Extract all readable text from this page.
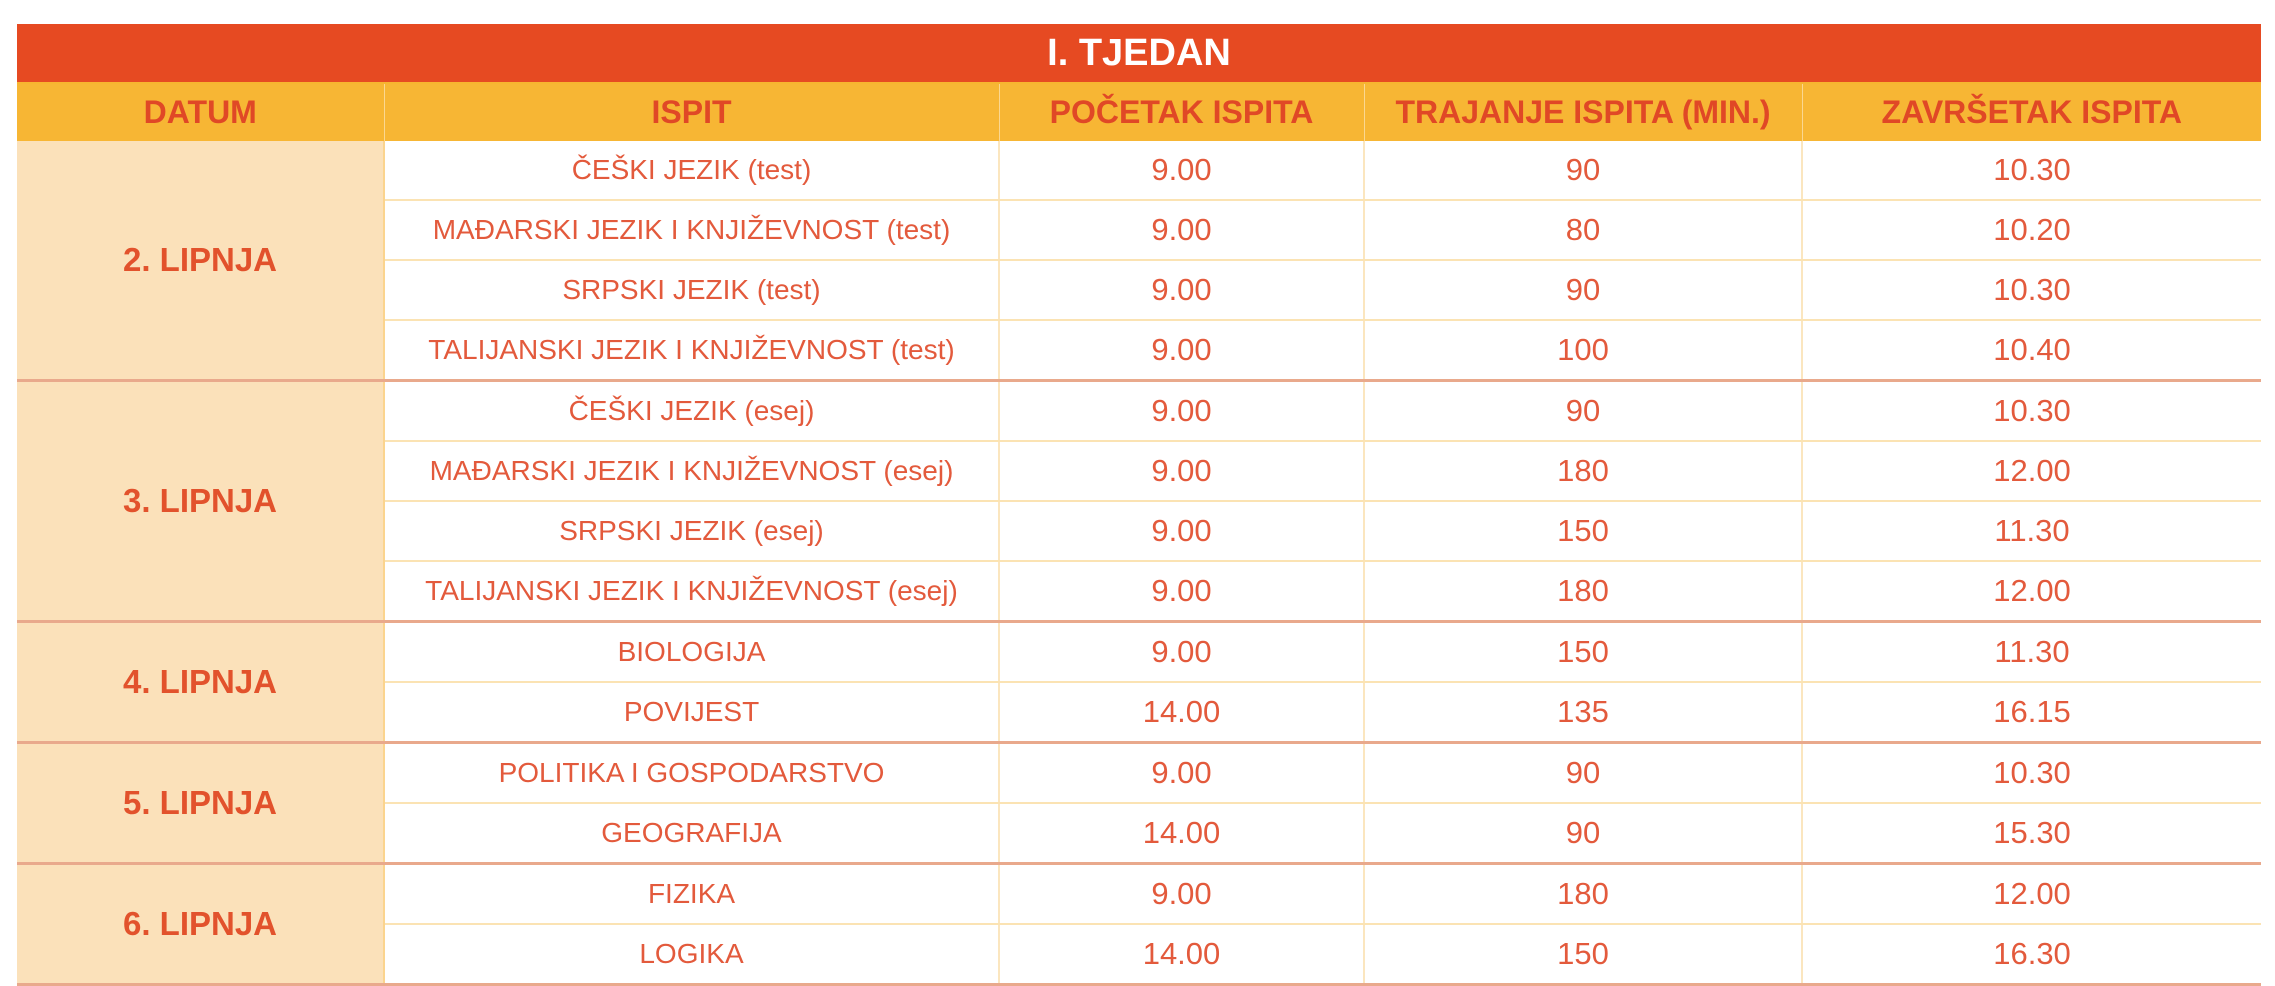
I. TJEDAN				
DATUM	ISPIT	POČETAK ISPITA	TRAJANJE ISPITA (MIN.)	ZAVRŠETAK ISPITA
2. LIPNJA	ČEŠKI JEZIK (test)	9.00	90	10.30
	MAĐARSKI JEZIK I KNJIŽEVNOST (test)	9.00	80	10.20
	SRPSKI JEZIK (test)	9.00	90	10.30
	TALIJANSKI JEZIK I KNJIŽEVNOST (test)	9.00	100	10.40
3. LIPNJA	ČEŠKI JEZIK (esej)	9.00	90	10.30
	MAĐARSKI JEZIK I KNJIŽEVNOST (esej)	9.00	180	12.00
	SRPSKI JEZIK (esej)	9.00	150	11.30
	TALIJANSKI JEZIK I KNJIŽEVNOST (esej)	9.00	180	12.00
4. LIPNJA	BIOLOGIJA	9.00	150	11.30
	POVIJEST	14.00	135	16.15
5. LIPNJA	POLITIKA I GOSPODARSTVO	9.00	90	10.30
	GEOGRAFIJA	14.00	90	15.30
6. LIPNJA	FIZIKA	9.00	180	12.00
	LOGIKA	14.00	150	16.30
